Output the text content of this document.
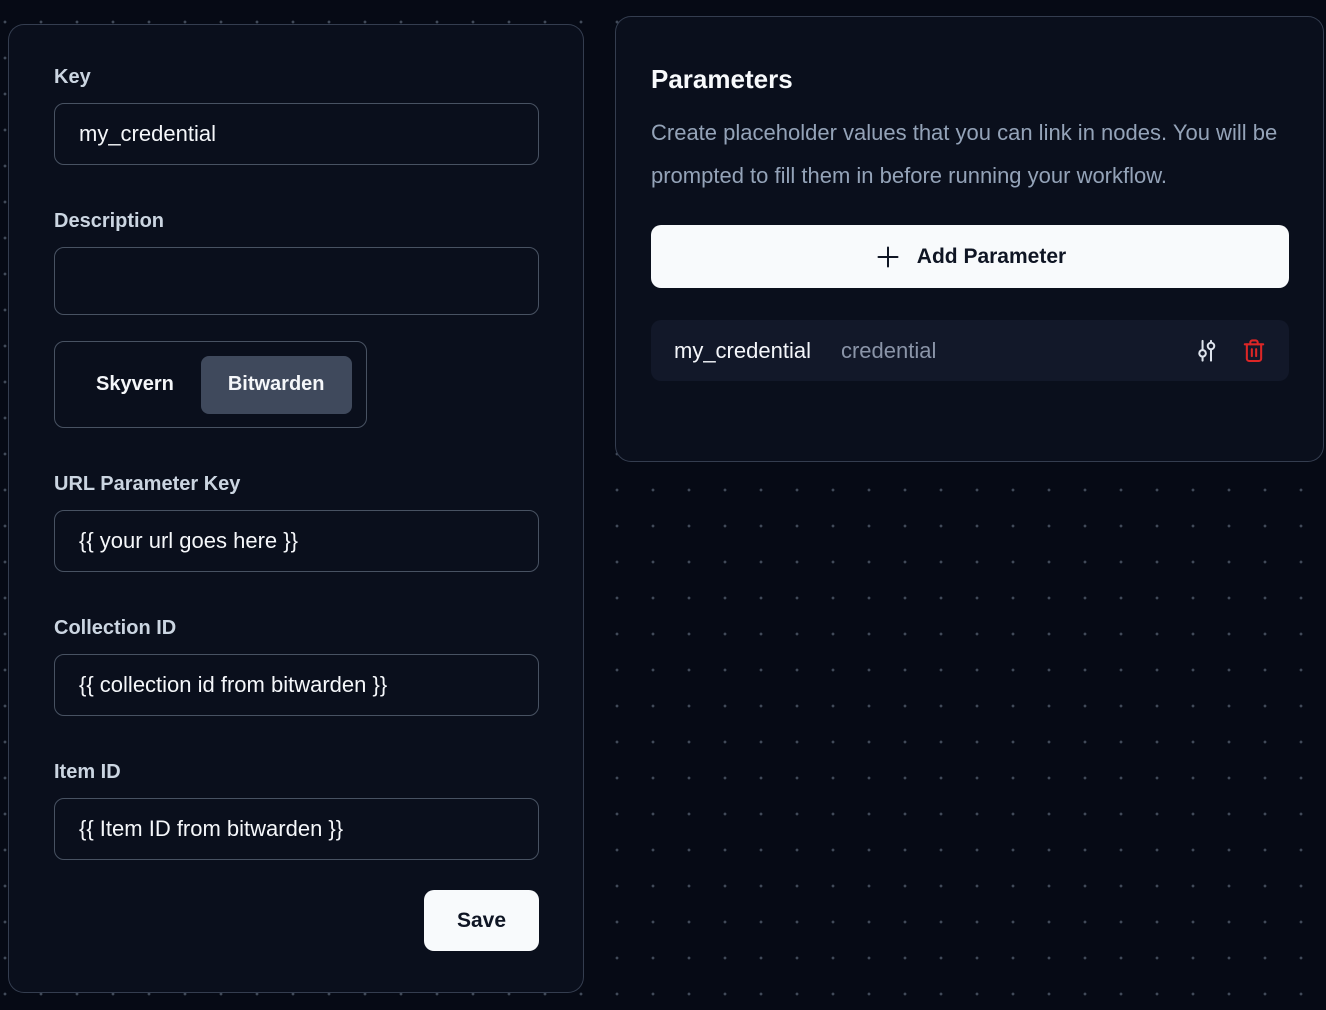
Key
my_credential
Description
Skyvern	Bitwarden
URL Parameter Key
{{ your url goes here }}
Collection ID
{{ collection id from bitwarden }}
Item ID
{{ Item ID from bitwarden }}
Save
Parameters

Create placeholder values that you can link in nodes. You will be prompted to fill them in before running your workflow.

Add Parameter
my_credential credential
